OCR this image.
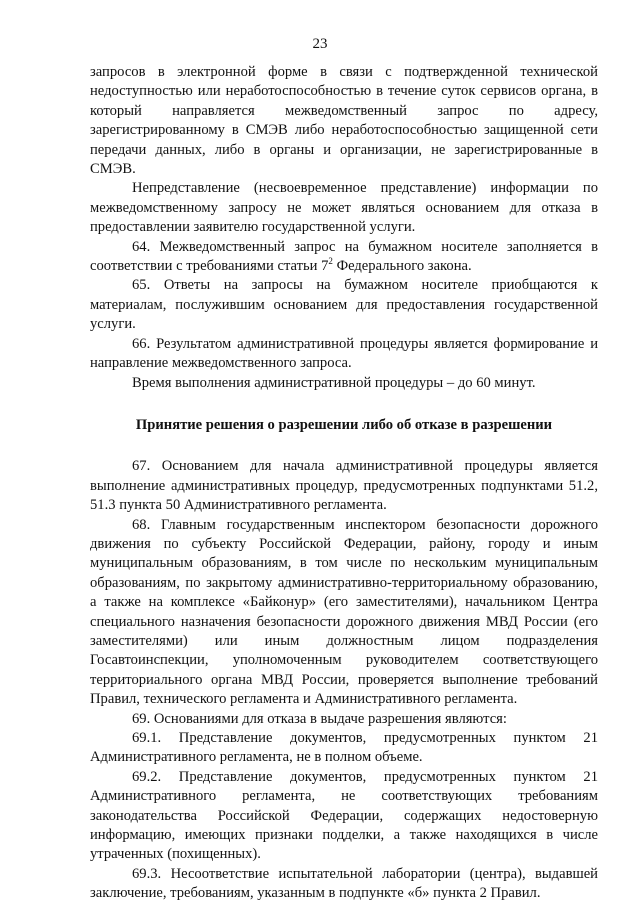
23

запросов в электронной форме в связи с подтвержденной технической недоступностью или неработоспособностью в течение суток сервисов органа, в который направляется межведомственный запрос по адресу, зарегистрированному в СМЭВ либо неработоспособностью защищенной сети передачи данных, либо в органы и организации, не зарегистрированные в СМЭВ.

Непредставление (несвоевременное представление) информации по межведомственному запросу не может являться основанием для отказа в предоставлении заявителю государственной услуги.

64. Межведомственный запрос на бумажном носителе заполняется в соответствии с требованиями статьи $7^2$ Федерального закона.

65. Ответы на запросы на бумажном носителе приобщаются к материалам, послужившим основанием для предоставления государственной услуги.

66. Результатом административной процедуры является формирование и направление межведомственного запроса.

Время выполнения административной процедуры – до 60 минут.

Принятие решения о разрешении либо об отказе в разрешении

67. Основанием для начала административной процедуры является выполнение административных процедур, предусмотренных подпунктами 51.2, 51.3 пункта 50 Административного регламента.

68. Главным государственным инспектором безопасности дорожного движения по субъекту Российской Федерации, району, городу и иным муниципальным образованиям, в том числе по нескольким муниципальным образованиям, по закрытому административно-территориальному образованию, а также на комплексе «Байконур» (его заместителями), начальником Центра специального назначения безопасности дорожного движения МВД России (его заместителями) или иным должностным лицом подразделения Госавтоинспекции, уполномоченным руководителем соответствующего территориального органа МВД России, проверяется выполнение требований Правил, технического регламента и Административного регламента.

69. Основаниями для отказа в выдаче разрешения являются:

69.1. Представление документов, предусмотренных пунктом 21 Административного регламента, не в полном объеме.

69.2. Представление документов, предусмотренных пунктом 21 Административного регламента, не соответствующих требованиям законодательства Российской Федерации, содержащих недостоверную информацию, имеющих признаки подделки, а также находящихся в числе утраченных (похищенных).

69.3. Несоответствие испытательной лаборатории (центра), выдавшей заключение, требованиям, указанным в подпункте «б» пункта 2 Правил.
